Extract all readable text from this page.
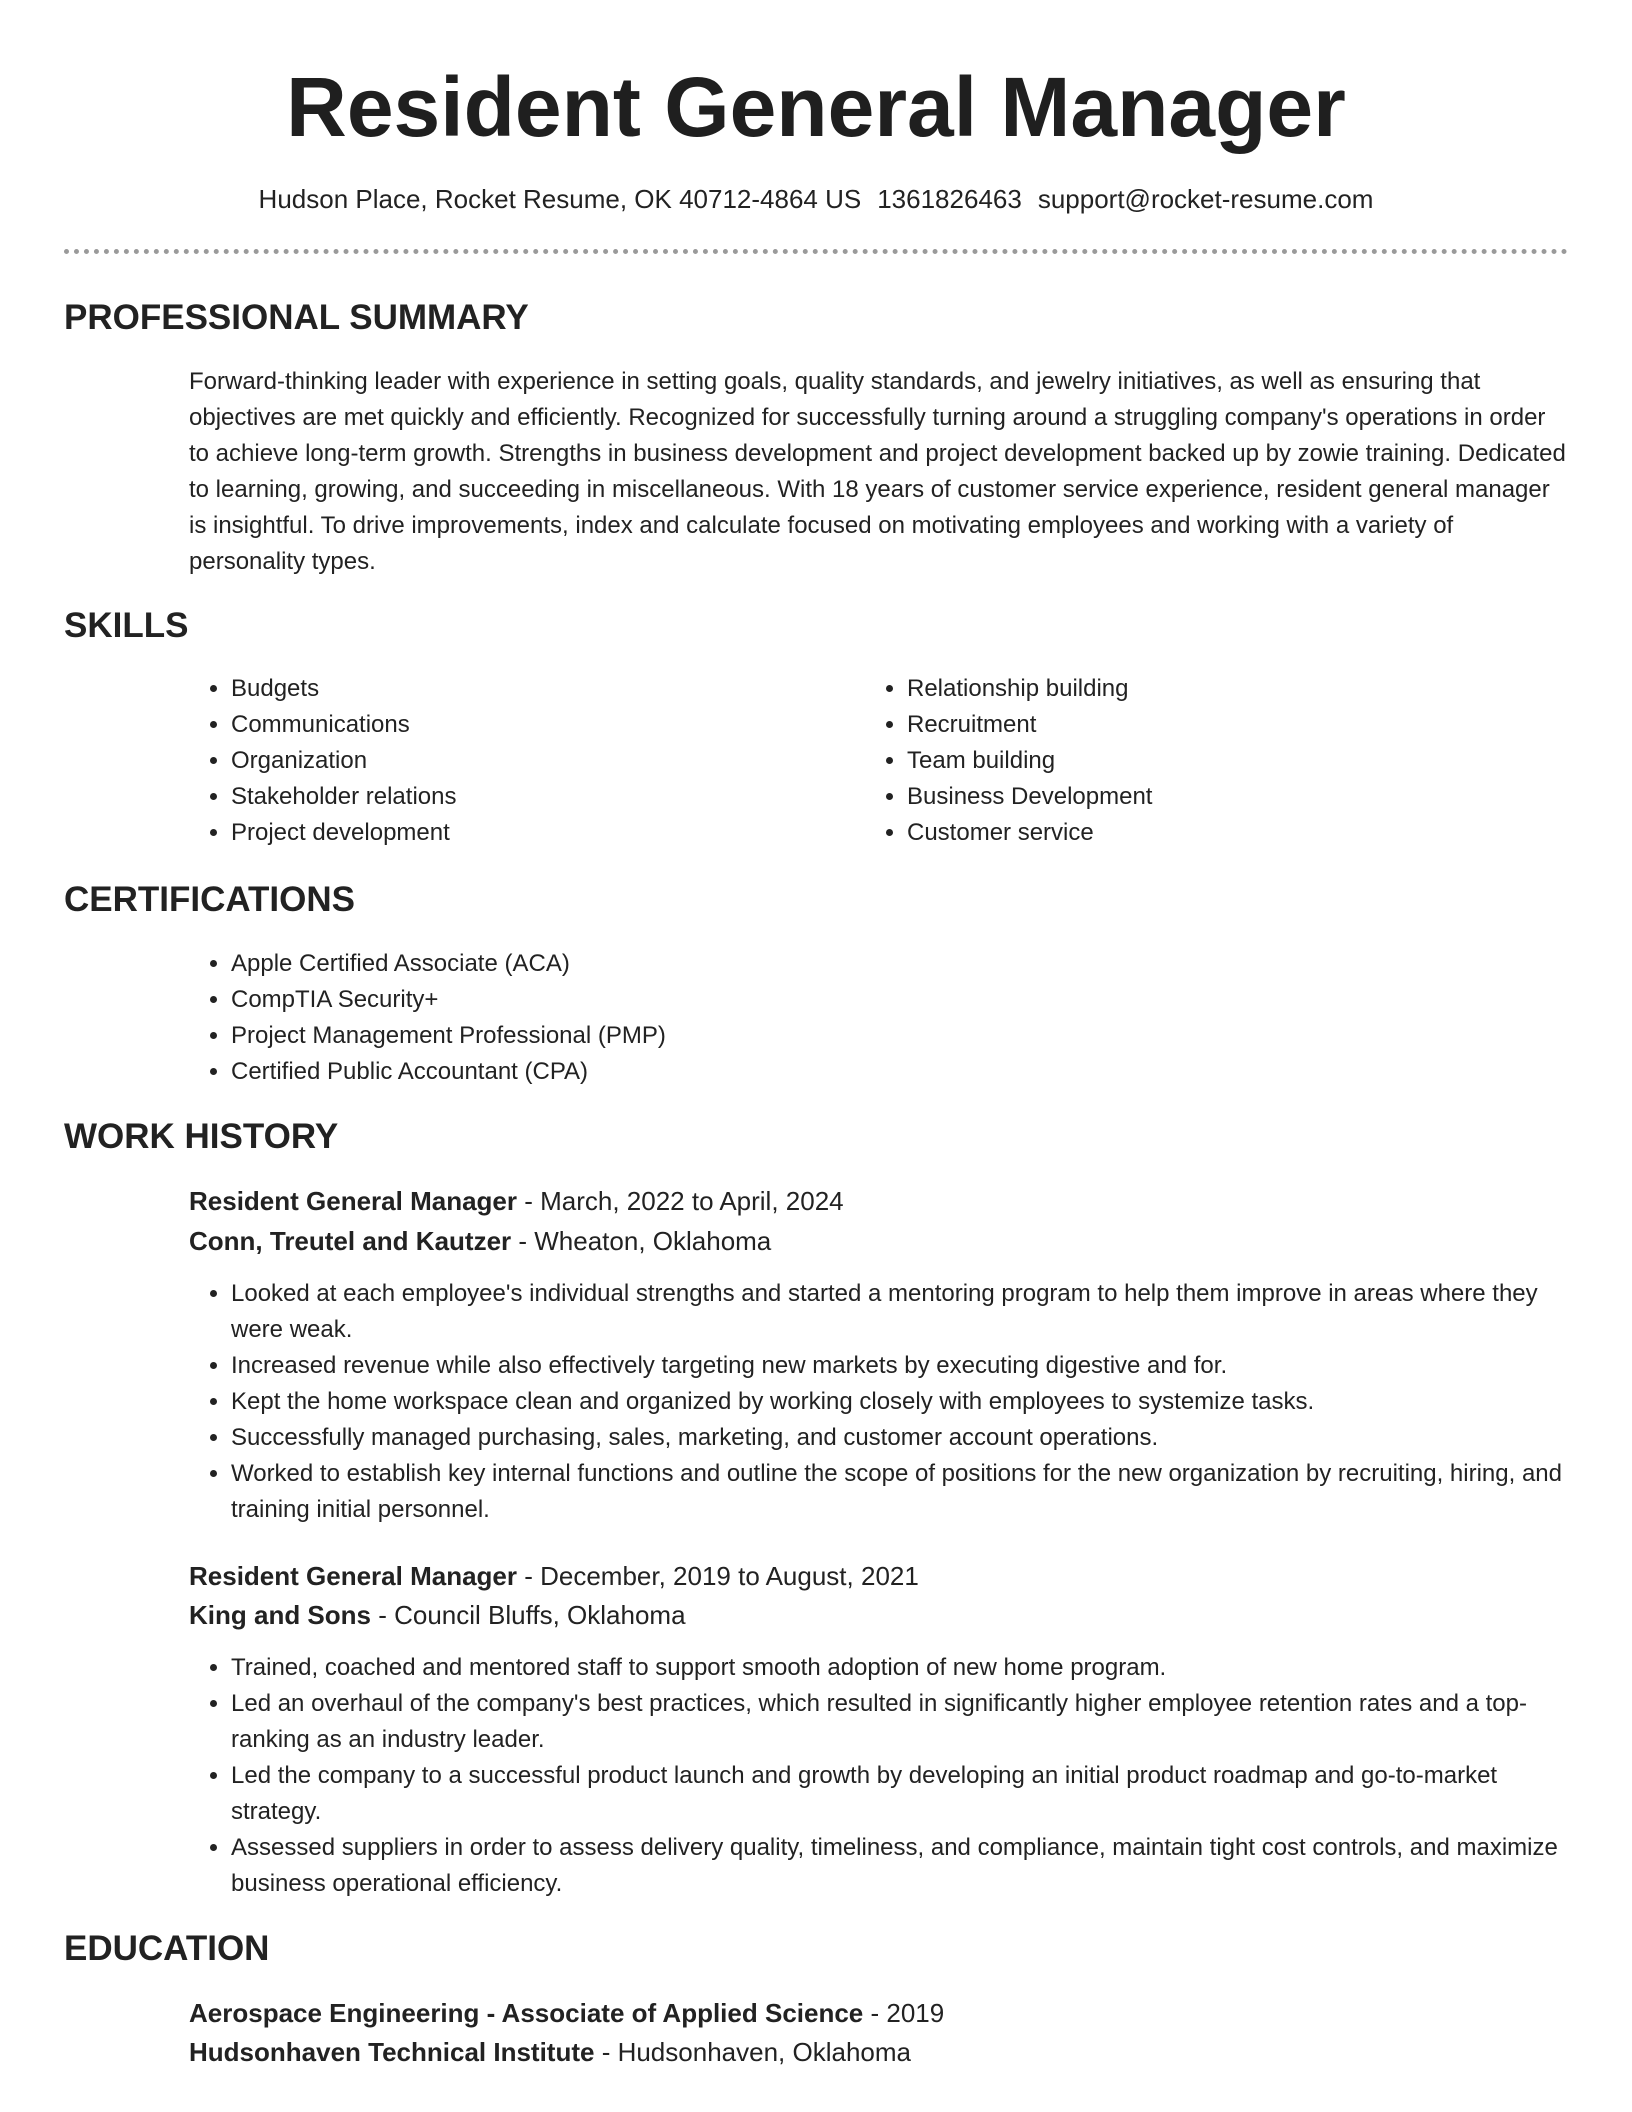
Resident General Manager
Hudson Place, Rocket Resume, OK 40712-4864 US 1361826463 support@rocket-resume.com
PROFESSIONAL SUMMARY

Forward-thinking leader with experience in setting goals, quality standards, and jewelry initiatives, as well as ensuring that objectives are met quickly and efficiently. Recognized for successfully turning around a struggling company's operations in order to achieve long-term growth. Strengths in business development and project development backed up by zowie training. Dedicated to learning, growing, and succeeding in miscellaneous. With 18 years of customer service experience, resident general manager is insightful. To drive improvements, index and calculate focused on motivating employees and working with a variety of personality types.

SKILLS
• Budgets
• Communications
• Organization
• Stakeholder relations
• Project development
• Relationship building
• Recruitment
• Team building
• Business Development
• Customer service
CERTIFICATIONS
• Apple Certified Associate (ACA)
• CompTIA Security+
• Project Management Professional (PMP)
• Certified Public Accountant (CPA)
WORK HISTORY
Resident General Manager - March, 2022 to April, 2024
Conn, Treutel and Kautzer - Wheaton, Oklahoma
• Looked at each employee's individual strengths and started a mentoring program to help them improve in areas where they were weak.
• Increased revenue while also effectively targeting new markets by executing digestive and for.
• Kept the home workspace clean and organized by working closely with employees to systemize tasks.
• Successfully managed purchasing, sales, marketing, and customer account operations.
• Worked to establish key internal functions and outline the scope of positions for the new organization by recruiting, hiring, and training initial personnel.
Resident General Manager - December, 2019 to August, 2021
King and Sons - Council Bluffs, Oklahoma
• Trained, coached and mentored staff to support smooth adoption of new home program.
• Led an overhaul of the company's best practices, which resulted in significantly higher employee retention rates and a top-ranking as an industry leader.
• Led the company to a successful product launch and growth by developing an initial product roadmap and go-to-market strategy.
• Assessed suppliers in order to assess delivery quality, timeliness, and compliance, maintain tight cost controls, and maximize business operational efficiency.
EDUCATION
Aerospace Engineering - Associate of Applied Science - 2019
Hudsonhaven Technical Institute - Hudsonhaven, Oklahoma
